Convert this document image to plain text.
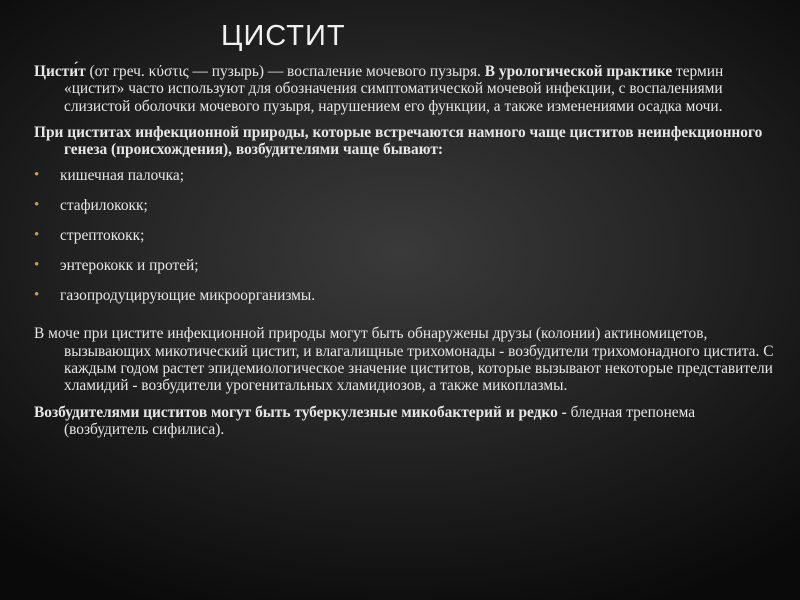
ЦИСТИТ

Цисти́т (от греч. κύστις — пузырь) — воспаление мочевого пузыря. В урологической практике термин «цистит» часто используют для обозначения симптоматической мочевой инфекции, с воспалениями слизистой оболочки мочевого пузыря, нарушением его функции, а также изменениями осадка мочи.

При циститах инфекционной природы, которые встречаются намного чаще циститов неинфекционного генеза (происхождения), возбудителями чаще бывают:

• кишечная палочка;
• стафилококк;
• стрептококк;
• энтерококк и протей;
• газопродуцирующие микроорганизмы.

В моче при цистите инфекционной природы могут быть обнаружены друзы (колонии) актиномицетов, вызывающих микотический цистит, и влагалищные трихомонады - возбудители трихомонадного цистита. С каждым годом растет эпидемиологическое значение циститов, которые вызывают некоторые представители хламидий - возбудители урогенитальных хламидиозов, а также микоплазмы.

Возбудителями циститов могут быть туберкулезные микобактерий и редко - бледная трепонема (возбудитель сифилиса).
